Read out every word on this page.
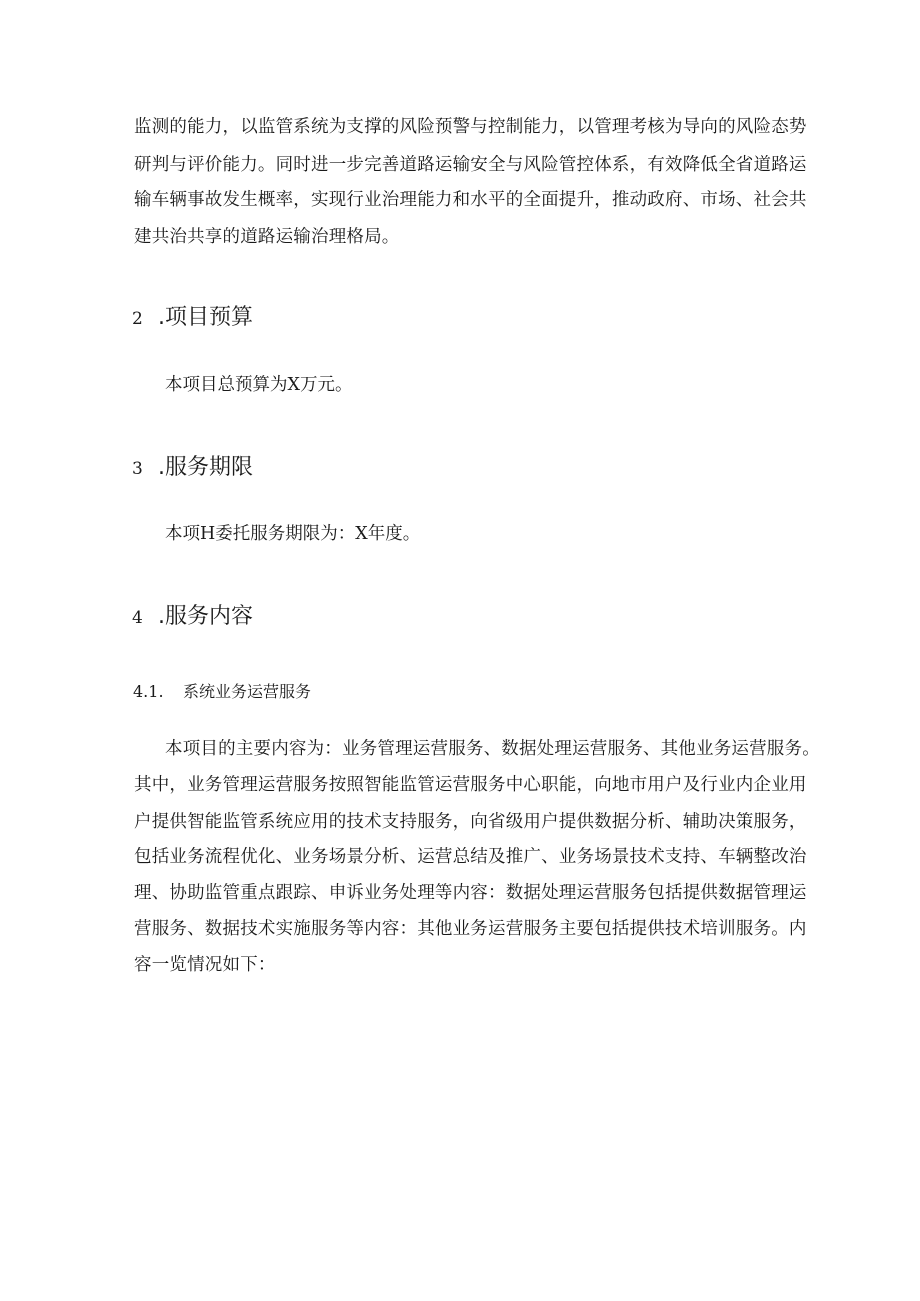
监测的能力，以监管系统为支撑的风险预警与控制能力，以管理考核为导向的风险态势
研判与评价能力。同时进一步完善道路运输安全与风险管控体系，有效降低全省道路运
输车辆事故发生概率，实现行业治理能力和水平的全面提升，推动政府、市场、社会共
建共治共享的道路运输治理格局。
2 .项目预算
本项目总预算为X万元。
3 .服务期限
本项H委托服务期限为：X年度。
4 .服务内容
4.1. 系统业务运营服务
本项目的主要内容为：业务管理运营服务、数据处理运营服务、其他业务运营服务。
其中，业务管理运营服务按照智能监管运营服务中心职能，向地市用户及行业内企业用
户提供智能监管系统应用的技术支持服务，向省级用户提供数据分析、辅助决策服务，
包括业务流程优化、业务场景分析、运营总结及推广、业务场景技术支持、车辆整改治
理、协助监管重点跟踪、申诉业务处理等内容：数据处理运营服务包括提供数据管理运
营服务、数据技术实施服务等内容：其他业务运营服务主要包括提供技术培训服务。内
容一览情况如下：
